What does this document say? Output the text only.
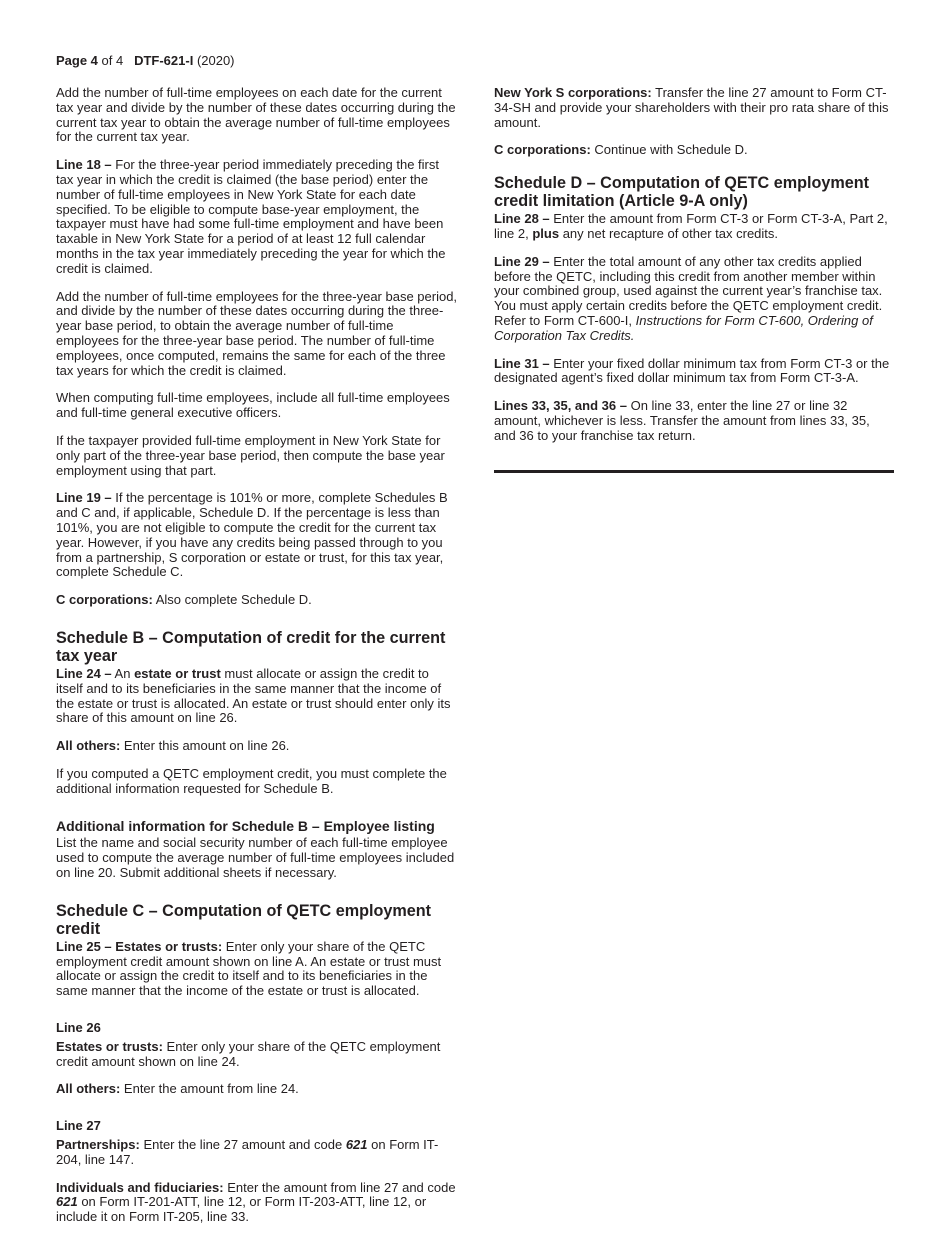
Page 4 of 4 DTF-621-I (2020)

Add the number of full-time employees on each date for the current tax year and divide by the number of these dates occurring during the current tax year to obtain the average number of full-time employees for the current tax year.

Line 18 – For the three-year period immediately preceding the first tax year in which the credit is claimed (the base period) enter the number of full-time employees in New York State for each date specified. To be eligible to compute base-year employment, the taxpayer must have had some full-time employment and have been taxable in New York State for a period of at least 12 full calendar months in the tax year immediately preceding the year for which the credit is claimed.

Add the number of full-time employees for the three-year base period, and divide by the number of these dates occurring during the three-year base period, to obtain the average number of full-time employees for the three-year base period. The number of full-time employees, once computed, remains the same for each of the three tax years for which the credit is claimed.

When computing full-time employees, include all full-time employees and full-time general executive officers.

If the taxpayer provided full-time employment in New York State for only part of the three-year base period, then compute the base year employment using that part.

Line 19 – If the percentage is 101% or more, complete Schedules B and C and, if applicable, Schedule D. If the percentage is less than 101%, you are not eligible to compute the credit for the current tax year. However, if you have any credits being passed through to you from a partnership, S corporation or estate or trust, for this tax year, complete Schedule C.

C corporations: Also complete Schedule D.

Schedule B – Computation of credit for the current tax year

Line 24 – An estate or trust must allocate or assign the credit to itself and to its beneficiaries in the same manner that the income of the estate or trust is allocated. An estate or trust should enter only its share of this amount on line 26.

All others: Enter this amount on line 26.

If you computed a QETC employment credit, you must complete the additional information requested for Schedule B.

Additional information for Schedule B – Employee listing

List the name and social security number of each full-time employee used to compute the average number of full-time employees included on line 20. Submit additional sheets if necessary.

Schedule C – Computation of QETC employment credit

Line 25 – Estates or trusts: Enter only your share of the QETC employment credit amount shown on line A. An estate or trust must allocate or assign the credit to itself and to its beneficiaries in the same manner that the income of the estate or trust is allocated.

Line 26

Estates or trusts: Enter only your share of the QETC employment credit amount shown on line 24.

All others: Enter the amount from line 24.

Line 27

Partnerships: Enter the line 27 amount and code 621 on Form IT-204, line 147.

Individuals and fiduciaries: Enter the amount from line 27 and code 621 on Form IT-201-ATT, line 12, or Form IT-203-ATT, line 12, or include it on Form IT-205, line 33.

New York S corporations: Transfer the line 27 amount to Form CT-34-SH and provide your shareholders with their pro rata share of this amount.

C corporations: Continue with Schedule D.

Schedule D – Computation of QETC employment credit limitation (Article 9-A only)

Line 28 – Enter the amount from Form CT-3 or Form CT-3-A, Part 2, line 2, plus any net recapture of other tax credits.

Line 29 – Enter the total amount of any other tax credits applied before the QETC, including this credit from another member within your combined group, used against the current year’s franchise tax. You must apply certain credits before the QETC employment credit. Refer to Form CT-600-I, Instructions for Form CT-600, Ordering of Corporation Tax Credits.

Line 31 – Enter your fixed dollar minimum tax from Form CT-3 or the designated agent’s fixed dollar minimum tax from Form CT-3-A.

Lines 33, 35, and 36 – On line 33, enter the line 27 or line 32 amount, whichever is less. Transfer the amount from lines 33, 35, and 36 to your franchise tax return.
